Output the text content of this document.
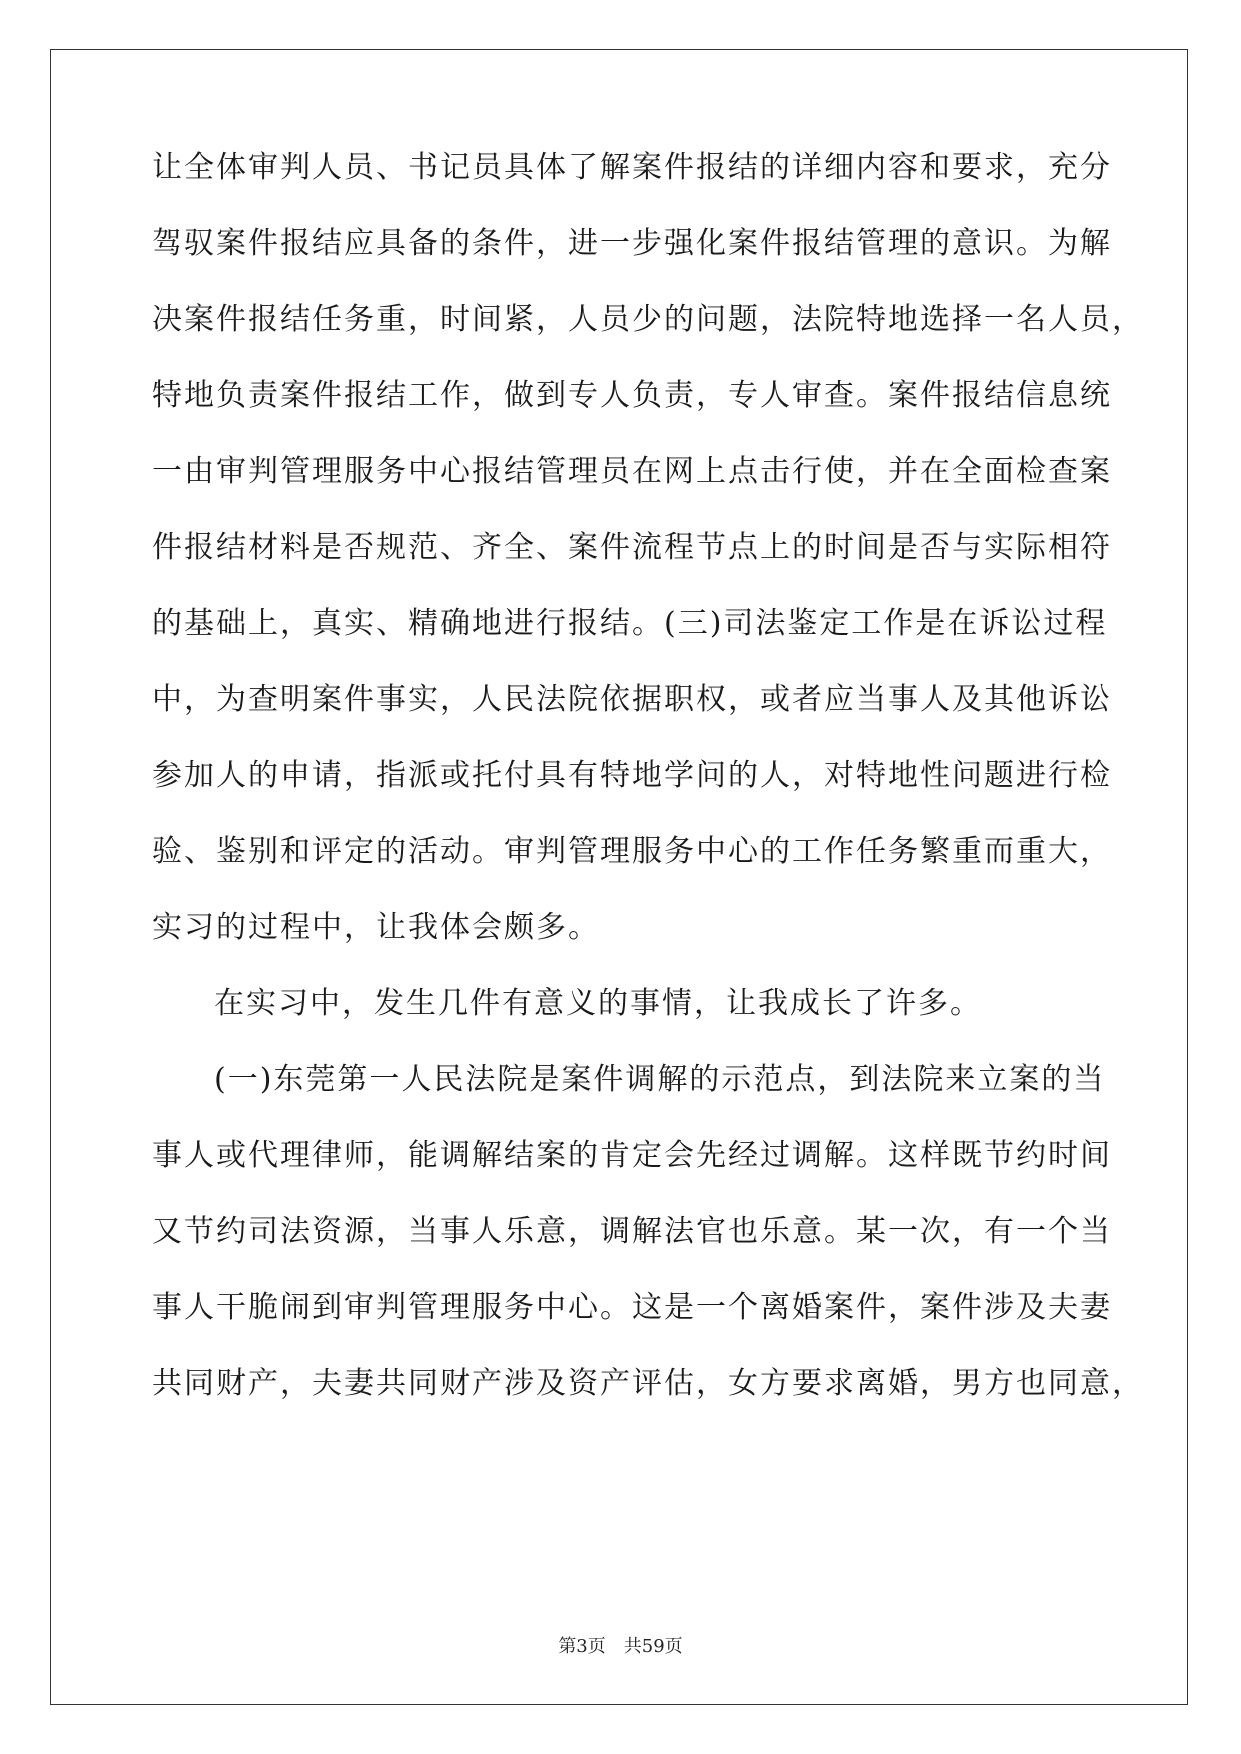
让全体审判人员、书记员具体了解案件报结的详细内容和要求，充分
驾驭案件报结应具备的条件，进一步强化案件报结管理的意识。为解
决案件报结任务重，时间紧，人员少的问题，法院特地选择一名人员，
特地负责案件报结工作，做到专人负责，专人审查。案件报结信息统
一由审判管理服务中心报结管理员在网上点击行使，并在全面检查案
件报结材料是否规范、齐全、案件流程节点上的时间是否与实际相符
的基础上，真实、精确地进行报结。(三)司法鉴定工作是在诉讼过程
中，为查明案件事实，人民法院依据职权，或者应当事人及其他诉讼
参加人的申请，指派或托付具有特地学问的人，对特地性问题进行检
验、鉴别和评定的活动。审判管理服务中心的工作任务繁重而重大，
实习的过程中，让我体会颇多。
在实习中，发生几件有意义的事情，让我成长了许多。
(一)东莞第一人民法院是案件调解的示范点，到法院来立案的当
事人或代理律师，能调解结案的肯定会先经过调解。这样既节约时间
又节约司法资源，当事人乐意，调解法官也乐意。某一次，有一个当
事人干脆闹到审判管理服务中心。这是一个离婚案件，案件涉及夫妻
共同财产，夫妻共同财产涉及资产评估，女方要求离婚，男方也同意，
第3页 共59页
